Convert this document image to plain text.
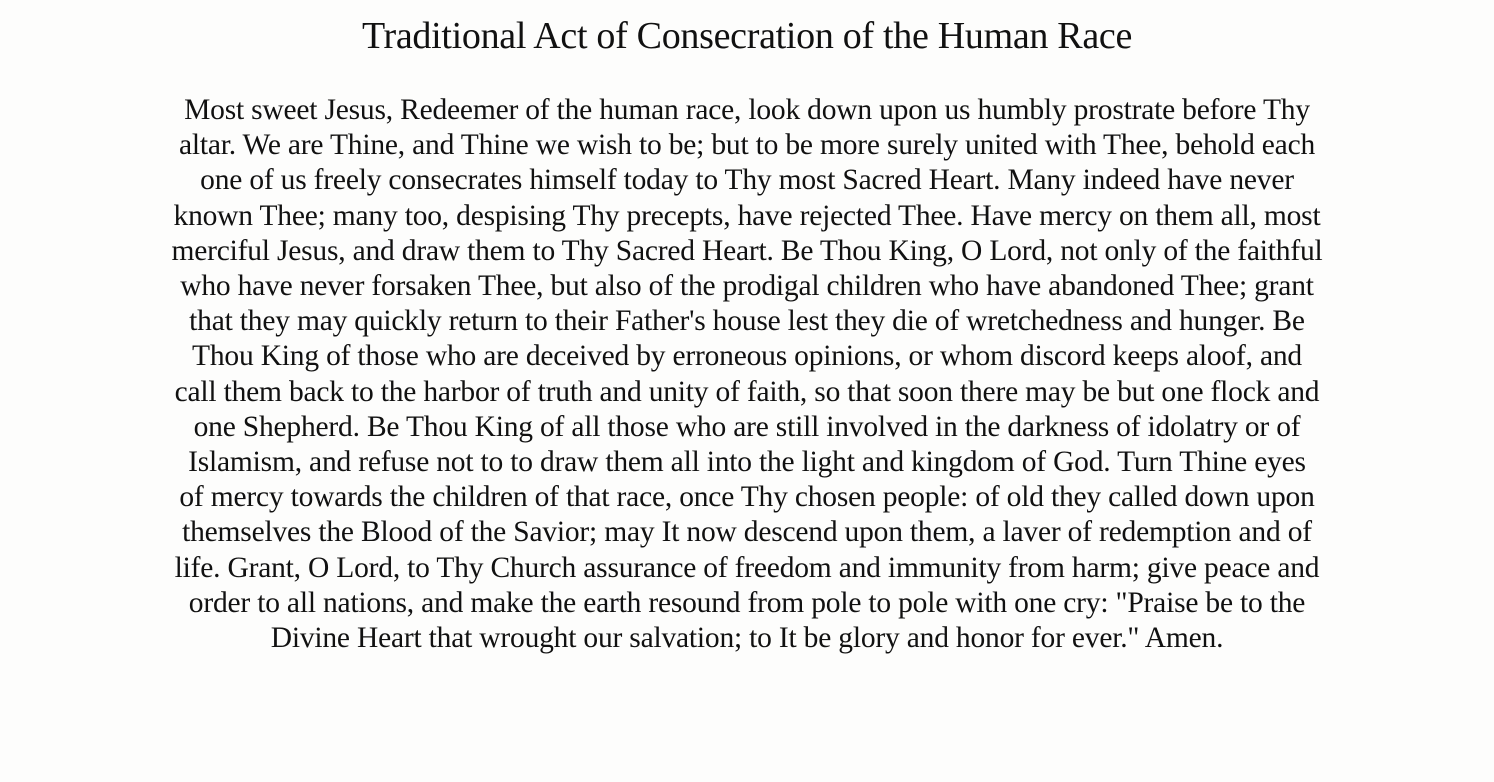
Traditional Act of Consecration of the Human Race
Most sweet Jesus, Redeemer of the human race, look down upon us humbly prostrate before Thy
altar. We are Thine, and Thine we wish to be; but to be more surely united with Thee, behold each
one of us freely consecrates himself today to Thy most Sacred Heart. Many indeed have never
known Thee; many too, despising Thy precepts, have rejected Thee. Have mercy on them all, most
merciful Jesus, and draw them to Thy Sacred Heart. Be Thou King, O Lord, not only of the faithful
who have never forsaken Thee, but also of the prodigal children who have abandoned Thee; grant
that they may quickly return to their Father's house lest they die of wretchedness and hunger. Be
Thou King of those who are deceived by erroneous opinions, or whom discord keeps aloof, and
call them back to the harbor of truth and unity of faith, so that soon there may be but one flock and
one Shepherd. Be Thou King of all those who are still involved in the darkness of idolatry or of
Islamism, and refuse not to to draw them all into the light and kingdom of God. Turn Thine eyes
of mercy towards the children of that race, once Thy chosen people: of old they called down upon
themselves the Blood of the Savior; may It now descend upon them, a laver of redemption and of
life. Grant, O Lord, to Thy Church assurance of freedom and immunity from harm; give peace and
order to all nations, and make the earth resound from pole to pole with one cry: "Praise be to the
Divine Heart that wrought our salvation; to It be glory and honor for ever." Amen.
